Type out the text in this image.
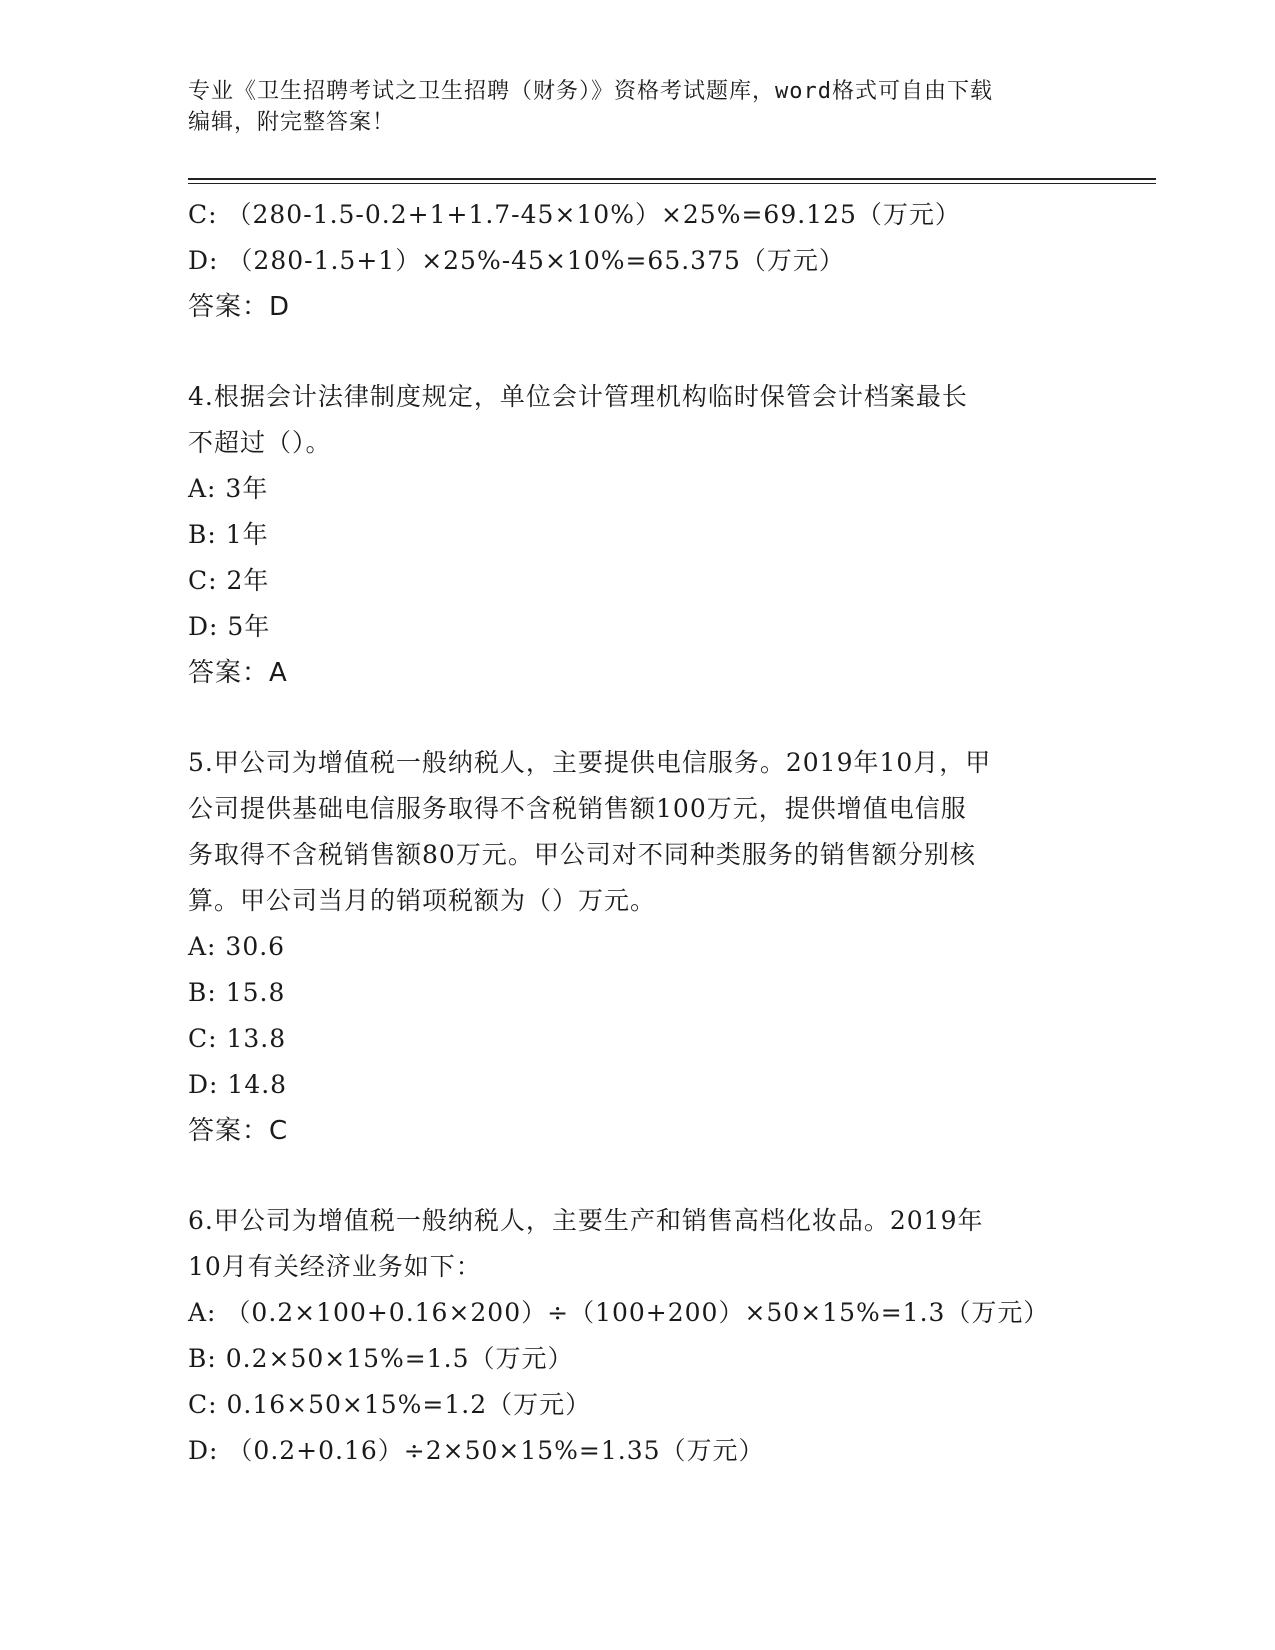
专业《卫生招聘考试之卫生招聘（财务）》资格考试题库，word格式可自由下载
编辑，附完整答案！
C: （280-1.5-0.2+1+1.7-45×10%）×25%=69.125（万元）
D: （280-1.5+1）×25%-45×10%=65.375（万元）
答案：D
4.根据会计法律制度规定，单位会计管理机构临时保管会计档案最长
不超过（）。
A: 3年
B: 1年
C: 2年
D: 5年
答案：A
5.甲公司为增值税一般纳税人，主要提供电信服务。2019年10月，甲
公司提供基础电信服务取得不含税销售额100万元，提供增值电信服
务取得不含税销售额80万元。甲公司对不同种类服务的销售额分别核
算。甲公司当月的销项税额为（）万元。
A: 30.6
B: 15.8
C: 13.8
D: 14.8
答案：C
6.甲公司为增值税一般纳税人，主要生产和销售高档化妆品。2019年
10月有关经济业务如下：
A: （0.2×100+0.16×200）÷（100+200）×50×15%=1.3（万元）
B: 0.2×50×15%=1.5（万元）
C: 0.16×50×15%=1.2（万元）
D: （0.2+0.16）÷2×50×15%=1.35（万元）
